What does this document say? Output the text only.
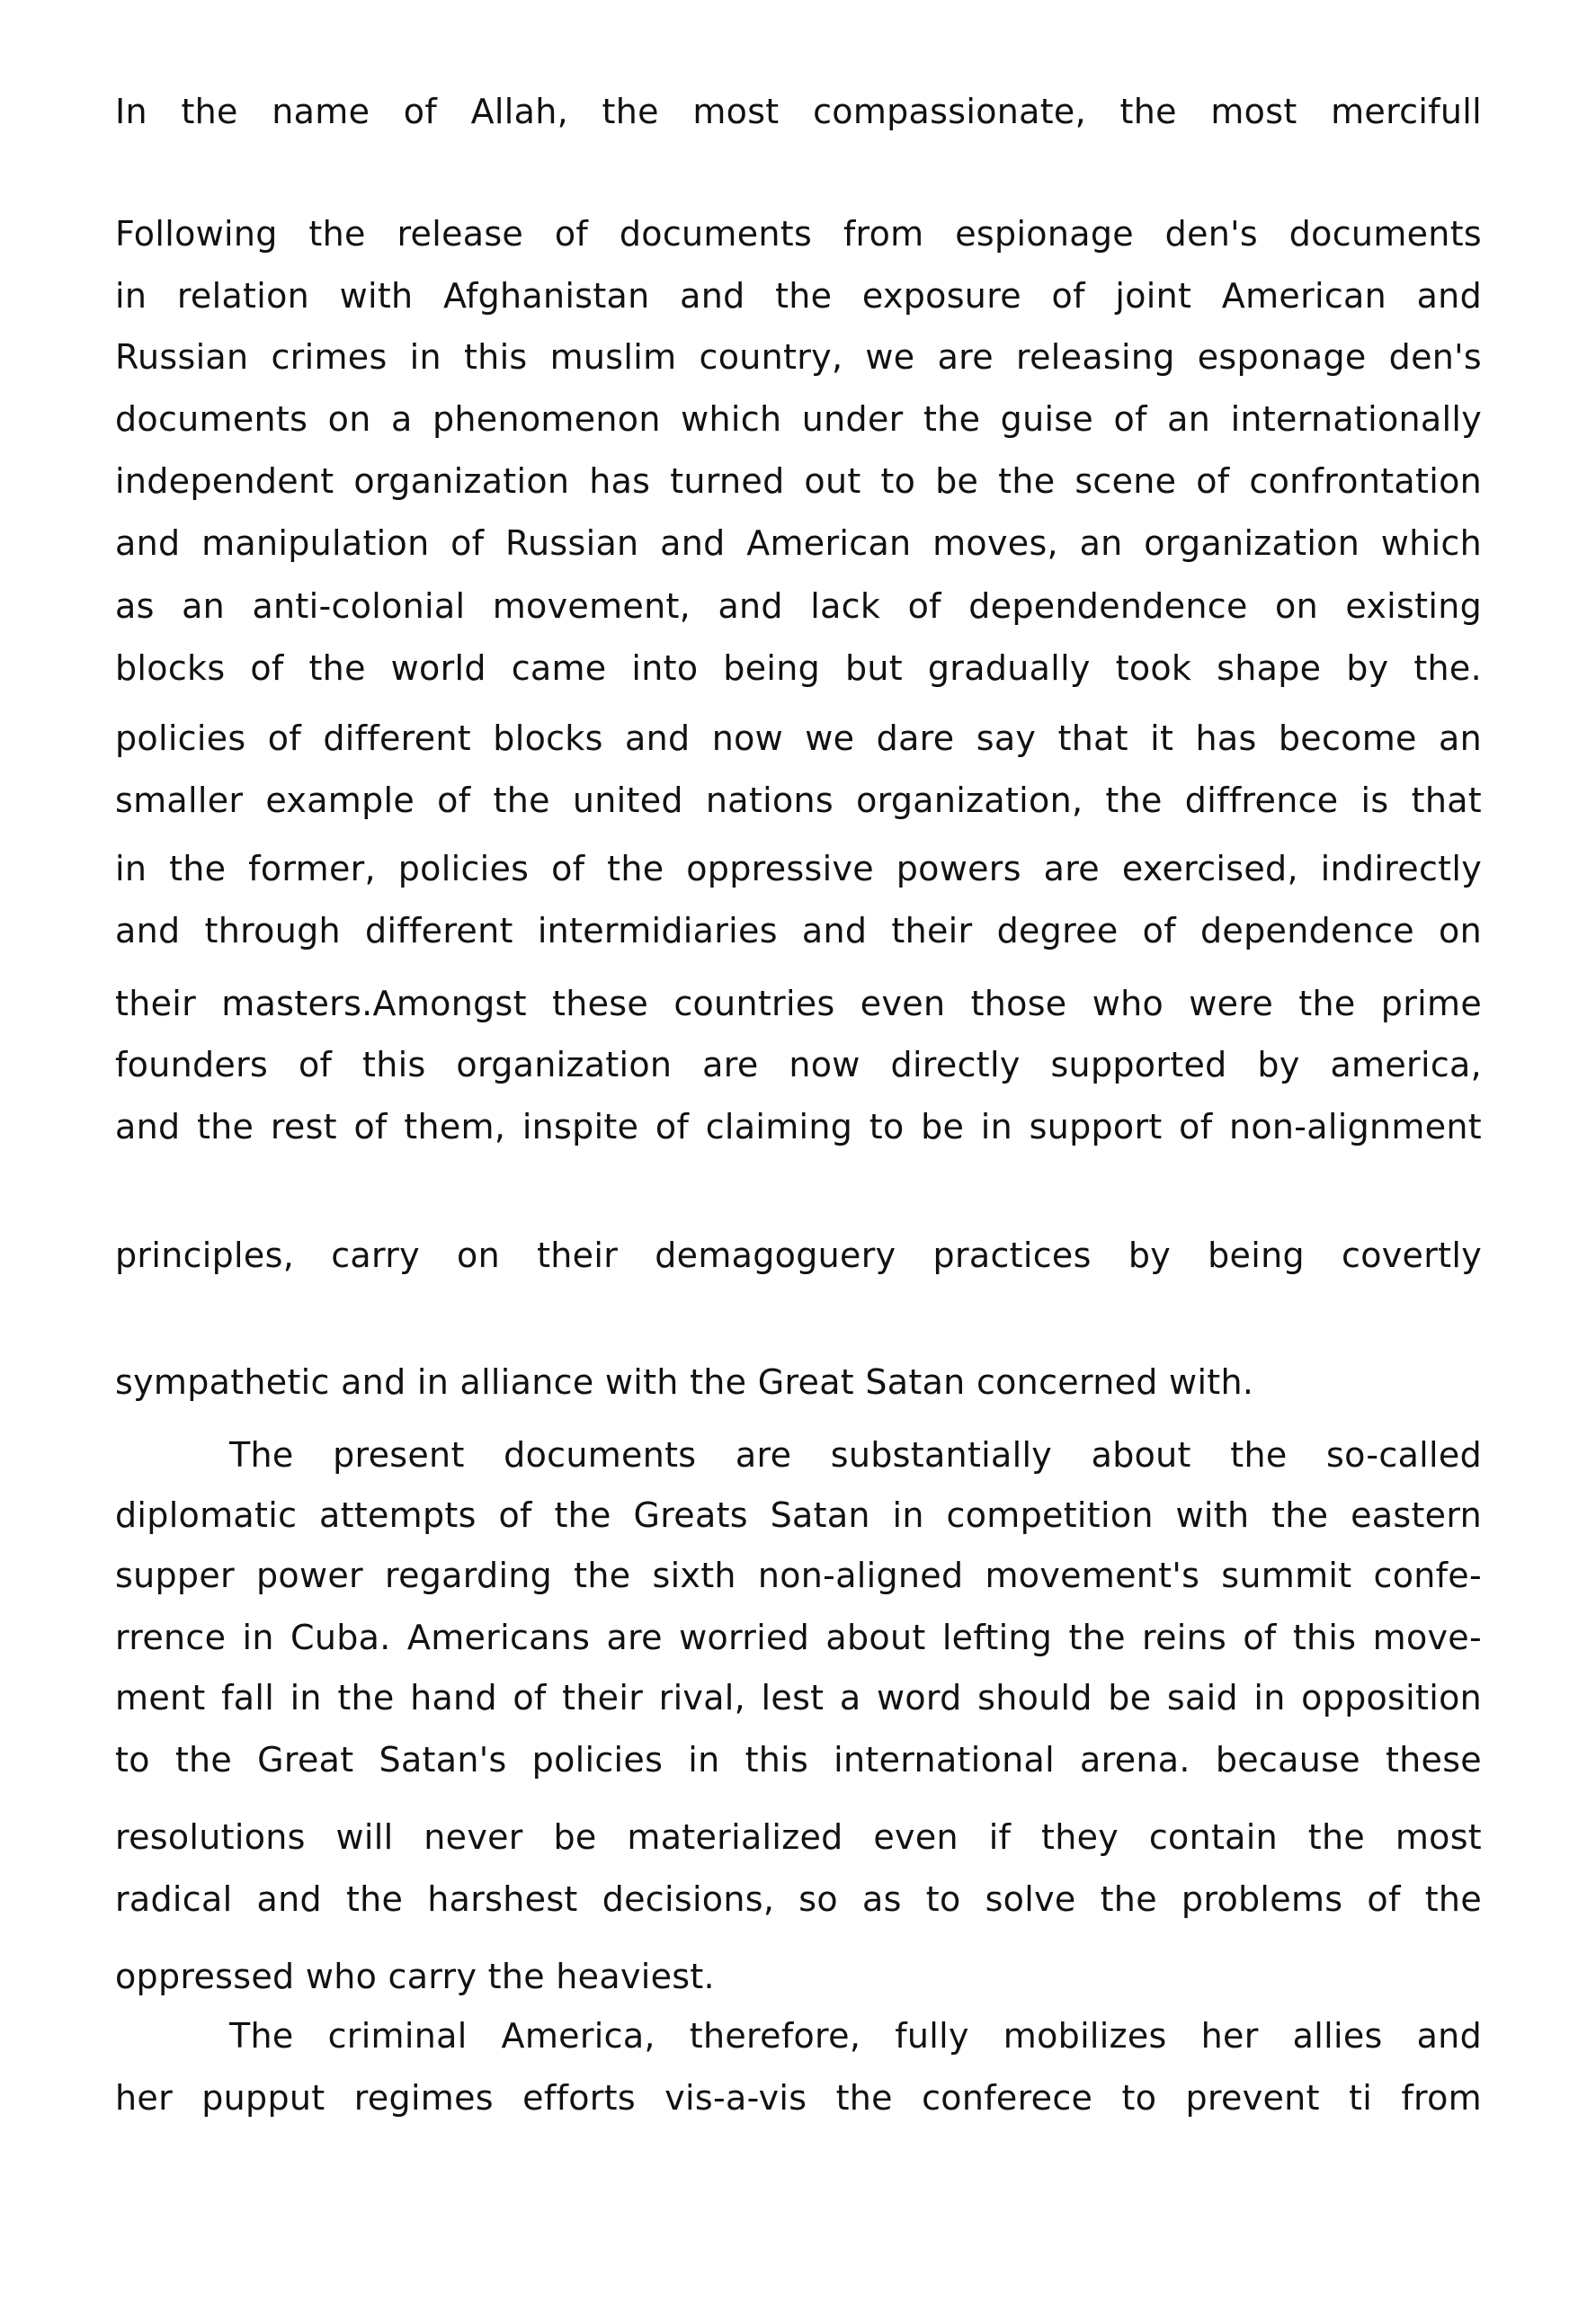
In the name of Allah, the most compassionate, the most mercifull
Following the release of documents from espionage den's documents
in relation with Afghanistan and the exposure of joint American and
Russian crimes in this muslim country, we are releasing esponage den's
documents on a phenomenon which under the guise of an internationally
independent organization has turned out to be the scene of confrontation
and manipulation of Russian and American moves, an organization which
as an anti-colonial movement, and lack of dependendence on existing
blocks of the world came into being but gradually took shape by the.
policies of different blocks and now we dare say that it has become an
smaller example of the united nations organization, the diffrence is that
in the former, policies of the oppressive powers are exercised, indirectly
and through different intermidiaries and their degree of dependence on
their masters.Amongst these countries even those who were the prime
founders of this organization are now directly supported by america,
and the rest of them, inspite of claiming to be in support of non-alignment
principles, carry on their demagoguery practices by being covertly
sympathetic and in alliance with the Great Satan concerned with.
The present documents are substantially about the so-called
diplomatic attempts of the Greats Satan in competition with the eastern
supper power regarding the sixth non-aligned movement's summit confe-
rrence in Cuba. Americans are worried about lefting the reins of this move-
ment fall in the hand of their rival, lest a word should be said in opposition
to the Great Satan's policies in this international arena. because these
resolutions will never be materialized even if they contain the most
radical and the harshest decisions, so as to solve the problems of the
oppressed who carry the heaviest.
The criminal America, therefore, fully mobilizes her allies and
her pupput regimes efforts vis-a-vis the conferece to prevent ti from
